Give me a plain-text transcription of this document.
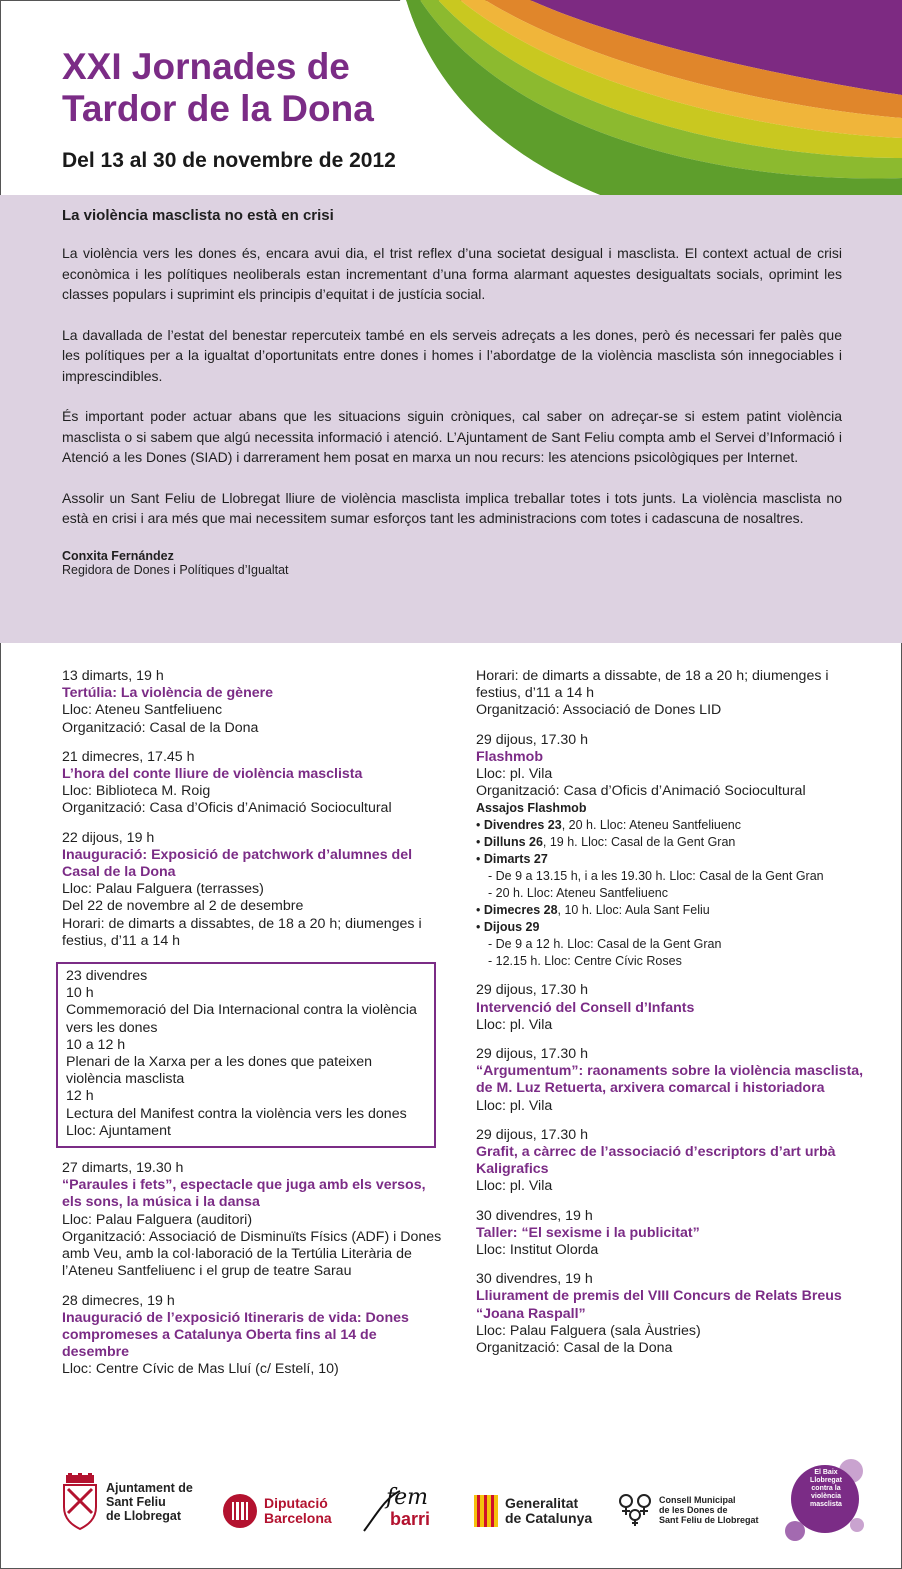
XXI Jornades de
Tardor de la Dona
Del 13 al 30 de novembre de 2012
La violència masclista no està en crisi

La violència vers les dones és, encara avui dia, el trist reflex d’una societat desigual i masclista. El context actual de crisi econòmica i les polítiques neoliberals estan incrementant d’una forma alarmant aquestes desigualtats socials, oprimint les classes populars i suprimint els principis d’equitat i de justícia social.

La davallada de l’estat del benestar repercuteix també en els serveis adreçats a les dones, però és necessari fer palès que les polítiques per a la igualtat d’oportunitats entre dones i homes i l’abordatge de la violència masclista són innegociables i imprescindibles.

És important poder actuar abans que les situacions siguin cròniques, cal saber on adreçar-se si estem patint violència masclista o si sabem que algú necessita informació i atenció. L’Ajuntament de Sant Feliu compta amb el Servei d’Informació i Atenció a les Dones (SIAD) i darrerament hem posat en marxa un nou recurs: les atencions psicològiques per Internet.

Assolir un Sant Feliu de Llobregat lliure de violència masclista implica treballar totes i tots junts. La violència masclista no està en crisi i ara més que mai necessitem sumar esforços tant les administracions com totes i cadascuna de nosaltres.

Conxita Fernández
Regidora de Dones i Polítiques d’Igualtat
13 dimarts, 19 h
Tertúlia: La violència de gènere
Lloc: Ateneu Santfeliuenc
Organització: Casal de la Dona
21 dimecres, 17.45 h
L’hora del conte lliure de violència masclista
Lloc: Biblioteca M. Roig
Organització: Casa d’Oficis d’Animació Sociocultural
22 dijous, 19 h
Inauguració: Exposició de patchwork d’alumnes del Casal de la Dona
Lloc: Palau Falguera (terrasses)
Del 22 de novembre al 2 de desembre
Horari: de dimarts a dissabtes, de 18 a 20 h; diumenges i festius, d’11 a 14 h
23 divendres
10 h
Commemoració del Dia Internacional contra la violència vers les dones
10 a 12 h
Plenari de la Xarxa per a les dones que pateixen violència masclista
12 h
Lectura del Manifest contra la violència vers les dones
Lloc: Ajuntament
27 dimarts, 19.30 h
“Paraules i fets”, espectacle que juga amb els versos, els sons, la música i la dansa
Lloc: Palau Falguera (auditori)
Organització: Associació de Disminuïts Físics (ADF) i Dones amb Veu, amb la col·laboració de la Tertúlia Literària de l’Ateneu Santfeliuenc i el grup de teatre Sarau
28 dimecres, 19 h
Inauguració de l’exposició Itineraris de vida: Dones compromeses a Catalunya Oberta fins al 14 de desembre
Lloc: Centre Cívic de Mas Lluí (c/ Estelí, 10)
Horari: de dimarts a dissabte, de 18 a 20 h; diumenges i festius, d’11 a 14 h
Organització: Associació de Dones LID
29 dijous, 17.30 h
Flashmob
Lloc: pl. Vila
Organització: Casa d’Oficis d’Animació Sociocultural
Assajos Flashmob
• Divendres 23, 20 h. Lloc: Ateneu Santfeliuenc
• Dilluns 26, 19 h. Lloc: Casal de la Gent Gran
• Dimarts 27
- De 9 a 13.15 h, i a les 19.30 h. Lloc: Casal de la Gent Gran
- 20 h. Lloc: Ateneu Santfeliuenc
• Dimecres 28, 10 h. Lloc: Aula Sant Feliu
• Dijous 29
- De 9 a 12 h. Lloc: Casal de la Gent Gran
- 12.15 h. Lloc: Centre Cívic Roses
29 dijous, 17.30 h
Intervenció del Consell d’Infants
Lloc: pl. Vila
29 dijous, 17.30 h
“Argumentum”: raonaments sobre la violència masclista, de M. Luz Retuerta, arxivera comarcal i historiadora
Lloc: pl. Vila
29 dijous, 17.30 h
Grafit, a càrrec de l’associació d’escriptors d’art urbà Kaligrafics
Lloc: pl. Vila
30 divendres, 19 h
Taller: “El sexisme i la publicitat”
Lloc: Institut Olorda
30 divendres, 19 h
Lliurament de premis del VIII Concurs de Relats Breus “Joana Raspall”
Lloc: Palau Falguera (sala Àustries)
Organització: Casal de la Dona
Ajuntament de
Sant Feliu
de Llobregat
Diputació
Barcelona
fem
barri
Generalitat
de Catalunya
Consell Municipal
de les Dones de
Sant Feliu de Llobregat
El Baix Llobregat contra la violència masclista
